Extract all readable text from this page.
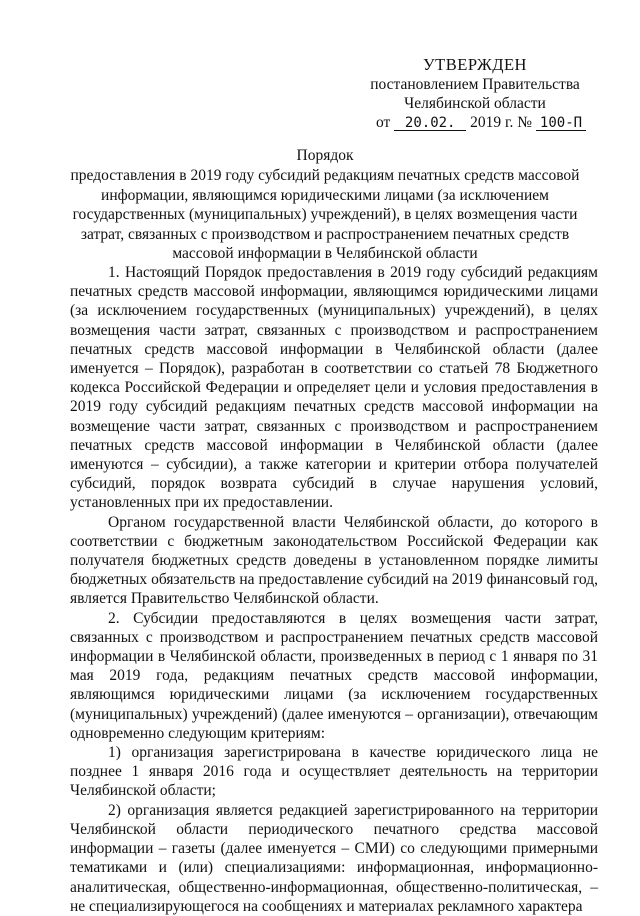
УТВЕРЖДЕН
постановлением Правительства
Челябинской области
от 20.02. 2019 г. № 100-П
Порядок
предоставления в 2019 году субсидий редакциям печатных средств массовой информации, являющимся юридическими лицами (за исключением государственных (муниципальных) учреждений), в целях возмещения части затрат, связанных с производством и распространением печатных средств массовой информации в Челябинской области

1. Настоящий Порядок предоставления в 2019 году субсидий редакциям печатных средств массовой информации, являющимся юридическими лицами (за исключением государственных (муниципальных) учреждений), в целях возмещения части затрат, связанных с производством и распространением печатных средств массовой информации в Челябинской области (далее именуется – Порядок), разработан в соответствии со статьей 78 Бюджетного кодекса Российской Федерации и определяет цели и условия предоставления в 2019 году субсидий редакциям печатных средств массовой информации на возмещение части затрат, связанных с производством и распространением печатных средств массовой информации в Челябинской области (далее именуются – субсидии), а также категории и критерии отбора получателей субсидий, порядок возврата субсидий в случае нарушения условий, установленных при их предоставлении.

Органом государственной власти Челябинской области, до которого в соответствии с бюджетным законодательством Российской Федерации как получателя бюджетных средств доведены в установленном порядке лимиты бюджетных обязательств на предоставление субсидий на 2019 финансовый год, является Правительство Челябинской области.

2. Субсидии предоставляются в целях возмещения части затрат, связанных с производством и распространением печатных средств массовой информации в Челябинской области, произведенных в период с 1 января по 31 мая 2019 года, редакциям печатных средств массовой информации, являющимся юридическими лицами (за исключением государственных (муниципальных) учреждений) (далее именуются – организации), отвечающим одновременно следующим критериям:

1) организация зарегистрирована в качестве юридического лица не позднее 1 января 2016 года и осуществляет деятельность на территории Челябинской области;

2) организация является редакцией зарегистрированного на территории Челябинской области периодического печатного средства массовой информации – газеты (далее именуется – СМИ) со следующими примерными тематиками и (или) специализациями: информационная, информационно-аналитическая, общественно-информационная, общественно-политическая, – не специализирующегося на сообщениях и материалах рекламного характера
